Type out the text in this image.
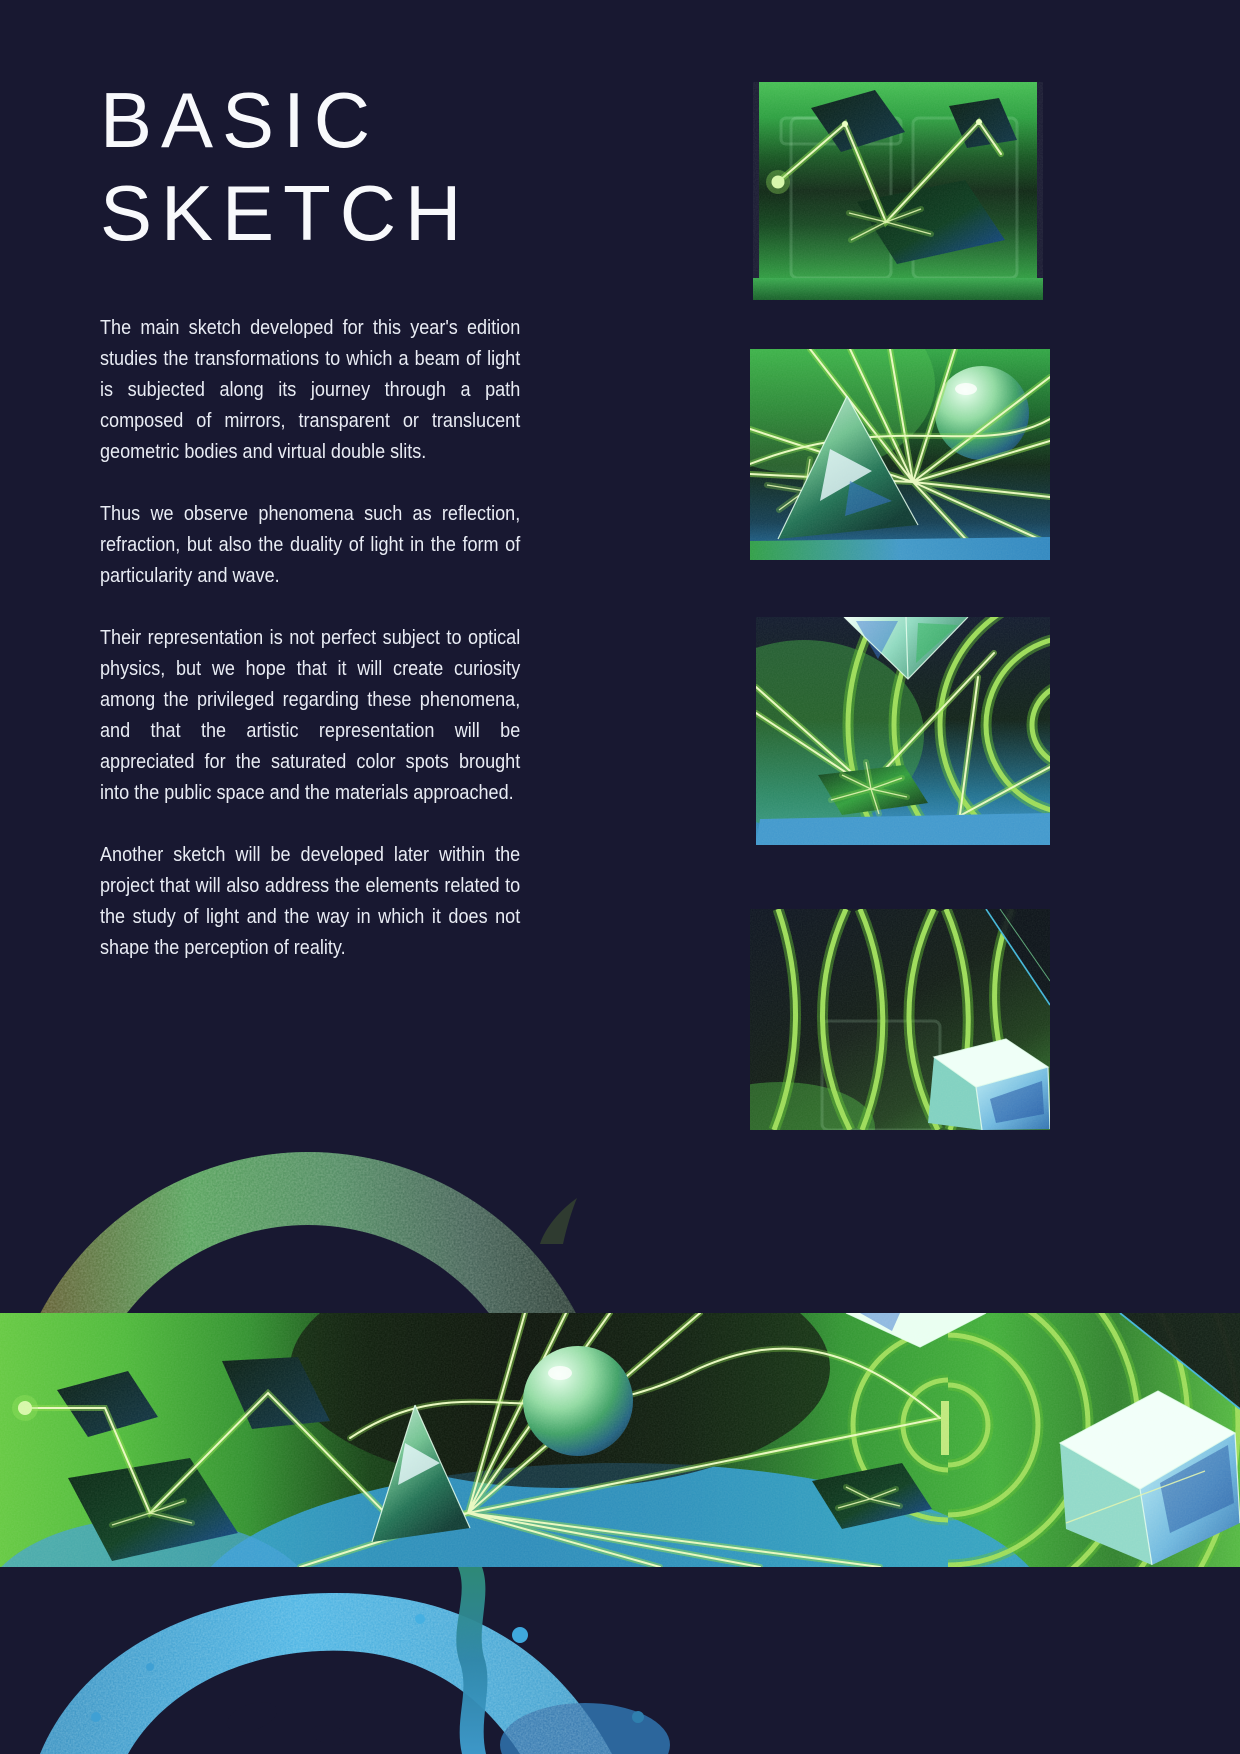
BASIC
SKETCH

The main sketch developed for this year's edition studies the transformations to which a beam of light is subjected along its journey through a path composed of mirrors, transparent or translucent geometric bodies and virtual double slits.

Thus we observe phenomena such as reflection, refraction, but also the duality of light in the form of particularity and wave.

Their representation is not perfect subject to optical physics, but we hope that it will create curiosity among the privileged regarding these phenomena, and that the artistic representation will be appreciated for the saturated color spots brought into the public space and the materials approached.

Another sketch will be developed later within the project that will also address the elements related to the study of light and the way in which it does not shape the perception of reality.
